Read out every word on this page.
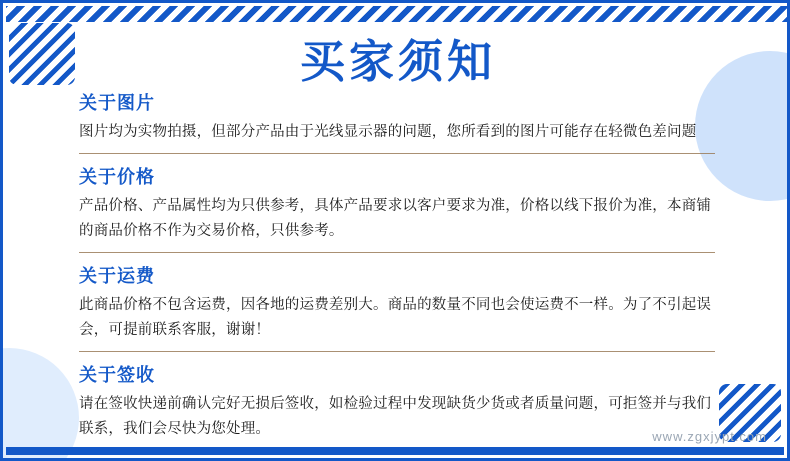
买家须知
关于图片
图片均为实物拍摄，但部分产品由于光线显示器的问题，您所看到的图片可能存在轻微色差问题
关于价格
产品价格、产品属性均为只供参考，具体产品要求以客户要求为准，价格以线下报价为准，本商铺的商品价格不作为交易价格，只供参考。
关于运费
此商品价格不包含运费，因各地的运费差别大。商品的数量不同也会使运费不一样。为了不引起误会，可提前联系客服，谢谢！
关于签收
请在签收快递前确认完好无损后签收，如检验过程中发现缺货少货或者质量问题，可拒签并与我们联系，我们会尽快为您处理。	www.zgxjypt.com
